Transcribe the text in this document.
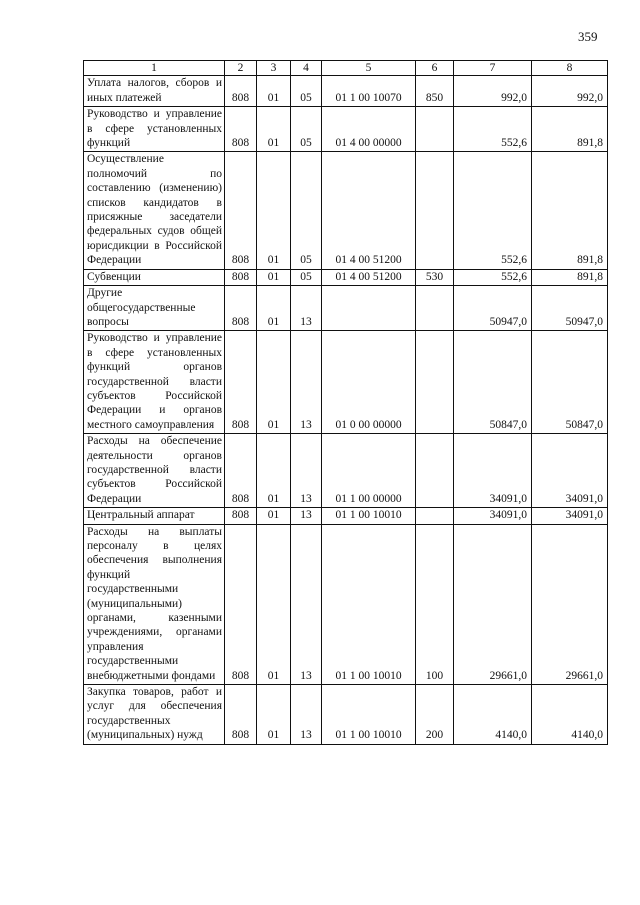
359
1	2	3	4	5	6	7	8
Уплата налогов, сборов и иных платежей	808	01	05	01 1 00 10070	850	992,0	992,0
Руководство и управление в сфере установленных функций	808	01	05	01 4 00 00000		552,6	891,8
Осуществление полномочий по составлению (изменению) списков кандидатов в присяжные заседатели федеральных судов общей юрисдикции в Российской Федерации	808	01	05	01 4 00 51200		552,6	891,8
Субвенции	808	01	05	01 4 00 51200	530	552,6	891,8
Другие общегосударственные вопросы	808	01	13			50947,0	50947,0
Руководство и управление в сфере установленных функций органов государственной власти субъектов Российской Федерации и органов местного самоуправления	808	01	13	01 0 00 00000		50847,0	50847,0
Расходы на обеспечение деятельности органов государственной власти субъектов Российской Федерации	808	01	13	01 1 00 00000		34091,0	34091,0
Центральный аппарат	808	01	13	01 1 00 10010		34091,0	34091,0
Расходы на выплаты персоналу в целях обеспечения выполнения функций государственными (муниципальными) органами, казенными учреждениями, органами управления государственными внебюджетными фондами	808	01	13	01 1 00 10010	100	29661,0	29661,0
Закупка товаров, работ и услуг для обеспечения государственных (муниципальных) нужд	808	01	13	01 1 00 10010	200	4140,0	4140,0
